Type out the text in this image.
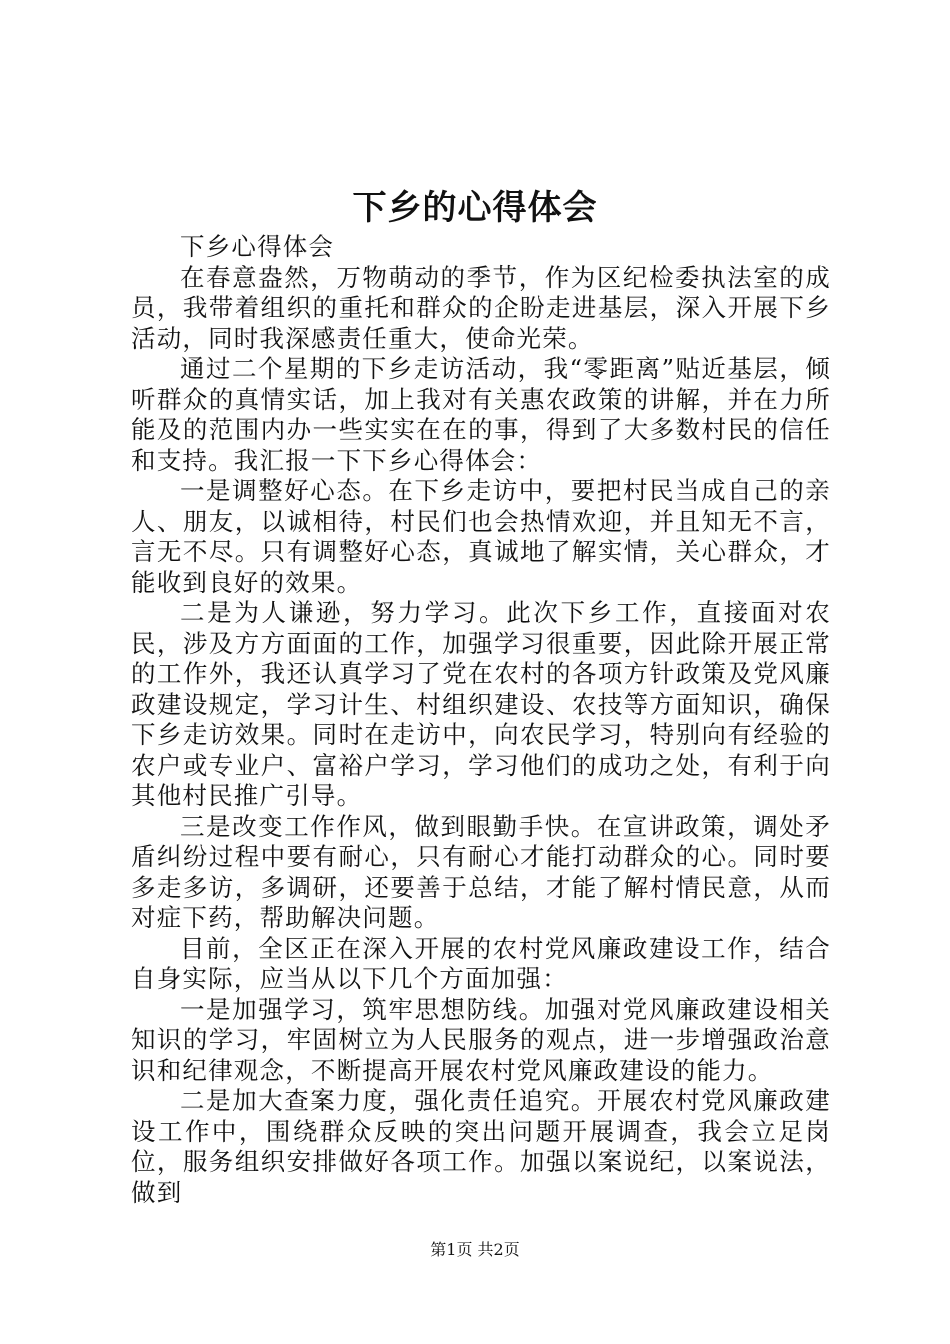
下乡的心得体会

下乡心得体会

在春意盎然，万物萌动的季节，作为区纪检委执法室的成员，我带着组织的重托和群众的企盼走进基层，深入开展下乡活动，同时我深感责任重大，使命光荣。

通过二个星期的下乡走访活动，我“零距离”贴近基层，倾听群众的真情实话，加上我对有关惠农政策的讲解，并在力所能及的范围内办一些实实在在的事，得到了大多数村民的信任和支持。我汇报一下下乡心得体会：

一是调整好心态。在下乡走访中，要把村民当成自己的亲人、朋友，以诚相待，村民们也会热情欢迎，并且知无不言，言无不尽。只有调整好心态，真诚地了解实情，关心群众，才能收到良好的效果。

二是为人谦逊，努力学习。此次下乡工作，直接面对农民，涉及方方面面的工作，加强学习很重要，因此除开展正常的工作外，我还认真学习了党在农村的各项方针政策及党风廉政建设规定，学习计生、村组织建设、农技等方面知识，确保下乡走访效果。同时在走访中，向农民学习，特别向有经验的农户或专业户、富裕户学习，学习他们的成功之处，有利于向其他村民推广引导。

三是改变工作作风，做到眼勤手快。在宣讲政策，调处矛盾纠纷过程中要有耐心，只有耐心才能打动群众的心。同时要多走多访，多调研，还要善于总结，才能了解村情民意，从而对症下药，帮助解决问题。

目前，全区正在深入开展的农村党风廉政建设工作，结合自身实际，应当从以下几个方面加强：

一是加强学习，筑牢思想防线。加强对党风廉政建设相关知识的学习，牢固树立为人民服务的观点，进一步增强政治意识和纪律观念，不断提高开展农村党风廉政建设的能力。

二是加大查案力度，强化责任追究。开展农村党风廉政建设工作中，围绕群众反映的突出问题开展调查，我会立足岗位，服务组织安排做好各项工作。加强以案说纪，以案说法，做到

第1页 共2页
